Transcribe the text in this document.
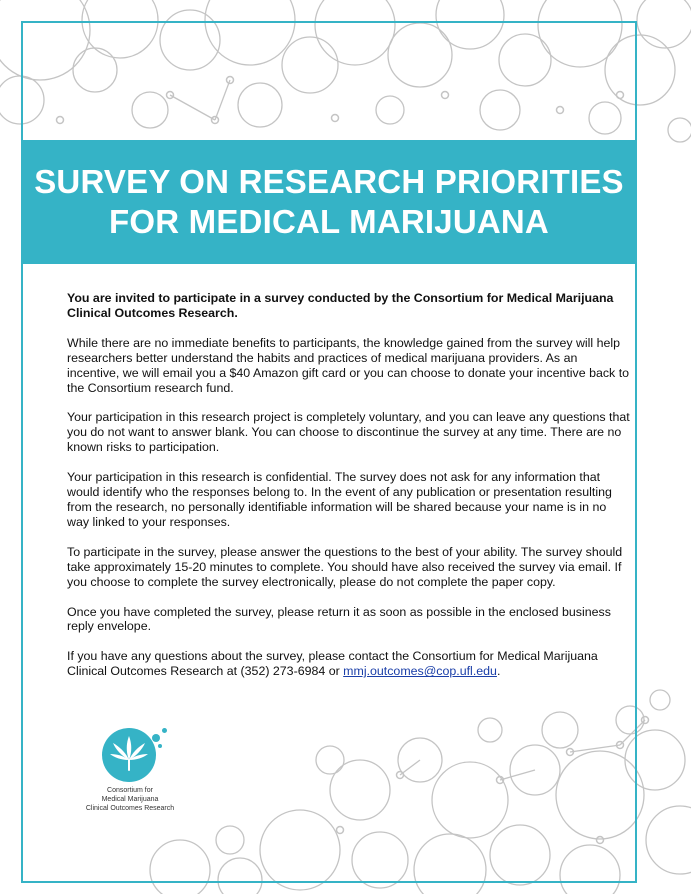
SURVEY ON RESEARCH PRIORITIES
FOR MEDICAL MARIJUANA

You are invited to participate in a survey conducted by the Consortium for Medical Marijuana Clinical Outcomes Research.

While there are no immediate benefits to participants, the knowledge gained from the survey will help researchers better understand the habits and practices of medical marijuana providers. As an incentive, we will email you a $40 Amazon gift card or you can choose to donate your incentive back to the Consortium research fund.

Your participation in this research project is completely voluntary, and you can leave any questions that you do not want to answer blank. You can choose to discontinue the survey at any time. There are no known risks to participation.

Your participation in this research is confidential. The survey does not ask for any information that would identify who the responses belong to. In the event of any publication or presentation resulting from the research, no personally identifiable information will be shared because your name is in no way linked to your responses.

To participate in the survey, please answer the questions to the best of your ability. The survey should take approximately 15-20 minutes to complete. You should have also received the survey via email. If you choose to complete the survey electronically, please do not complete the paper copy.

Once you have completed the survey, please return it as soon as possible in the enclosed business reply envelope.

If you have any questions about the survey, please contact the Consortium for Medical Marijuana Clinical Outcomes Research at (352) 273-6984 or mmj.outcomes@cop.ufl.edu.

Consortium for
Medical Marijuana
Clinical Outcomes Research
